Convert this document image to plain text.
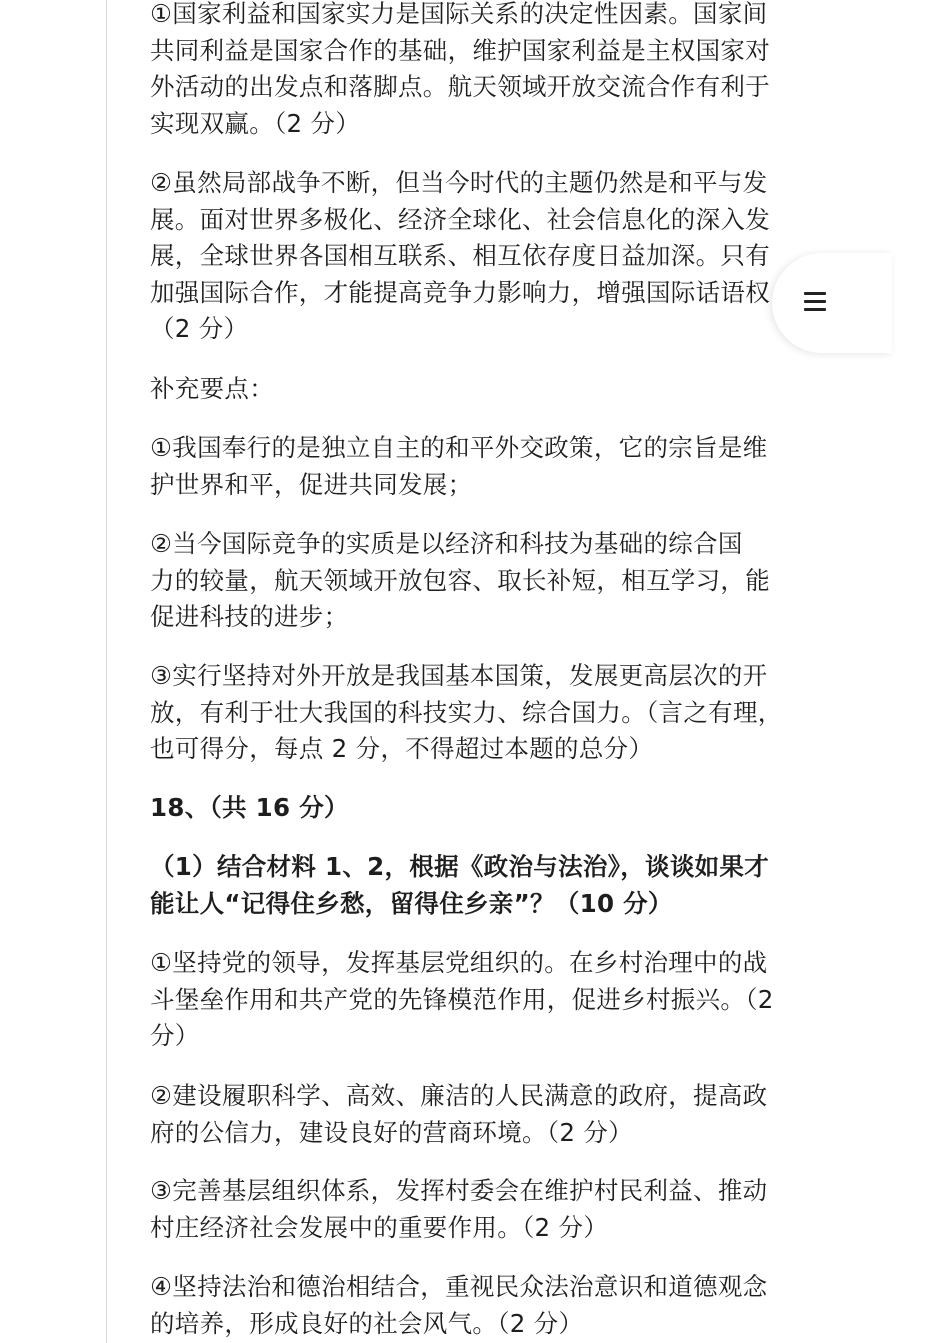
①国家利益和国家实力是国际关系的决定性因素。国家间
共同利益是国家合作的基础，维护国家利益是主权国家对
外活动的出发点和落脚点。航天领域开放交流合作有利于
实现双赢。（2 分）
②虽然局部战争不断，但当今时代的主题仍然是和平与发
展。面对世界多极化、经济全球化、社会信息化的深入发
展，全球世界各国相互联系、相互依存度日益加深。只有
加强国际合作，才能提高竞争力影响力，增强国际话语权
（2 分）
补充要点：
①我国奉行的是独立自主的和平外交政策，它的宗旨是维
护世界和平，促进共同发展；
②当今国际竞争的实质是以经济和科技为基础的综合国
力的较量，航天领域开放包容、取长补短，相互学习，能
促进科技的进步；
③实行坚持对外开放是我国基本国策，发展更高层次的开
放，有利于壮大我国的科技实力、综合国力。（言之有理，
也可得分，每点 2 分，不得超过本题的总分）
18、（共 16 分）
（1）结合材料 1、2，根据《政治与法治》，谈谈如果才
能让人“记得住乡愁，留得住乡亲”？（10 分）
①坚持党的领导，发挥基层党组织的。在乡村治理中的战
斗堡垒作用和共产党的先锋模范作用，促进乡村振兴。（2
分）
②建设履职科学、高效、廉洁的人民满意的政府，提高政
府的公信力，建设良好的营商环境。（2 分）
③完善基层组织体系，发挥村委会在维护村民利益、推动
村庄经济社会发展中的重要作用。（2 分）
④坚持法治和德治相结合，重视民众法治意识和道德观念
的培养，形成良好的社会风气。（2 分）
